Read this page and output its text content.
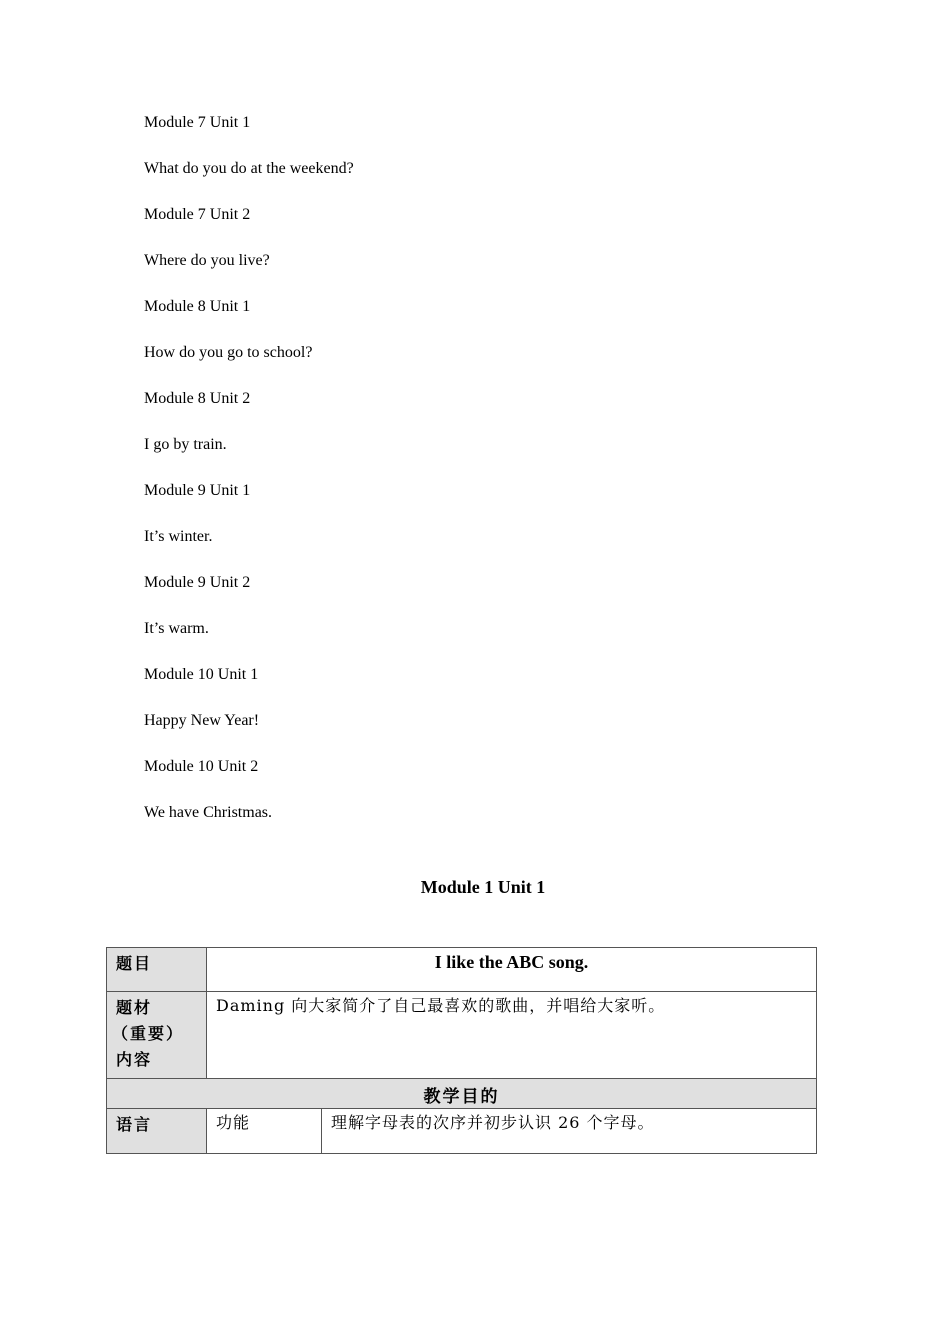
Module 7 Unit 1
What do you do at the weekend?
Module 7 Unit 2
Where do you live?
Module 8 Unit 1
How do you go to school?
Module 8 Unit 2
I go by train.
Module 9 Unit 1
It’s winter.
Module 9 Unit 2
It’s warm.
Module 10 Unit 1
Happy New Year!
Module 10 Unit 2
We have Christmas.
Module 1 Unit 1
题目	I like the ABC song.	

题材
（重要）
内容	Daming 向大家简介了自己最喜欢的歌曲，并唱给大家听。	
教学目的		
语言	功能	理解字母表的次序并初步认识 26 个字母。
